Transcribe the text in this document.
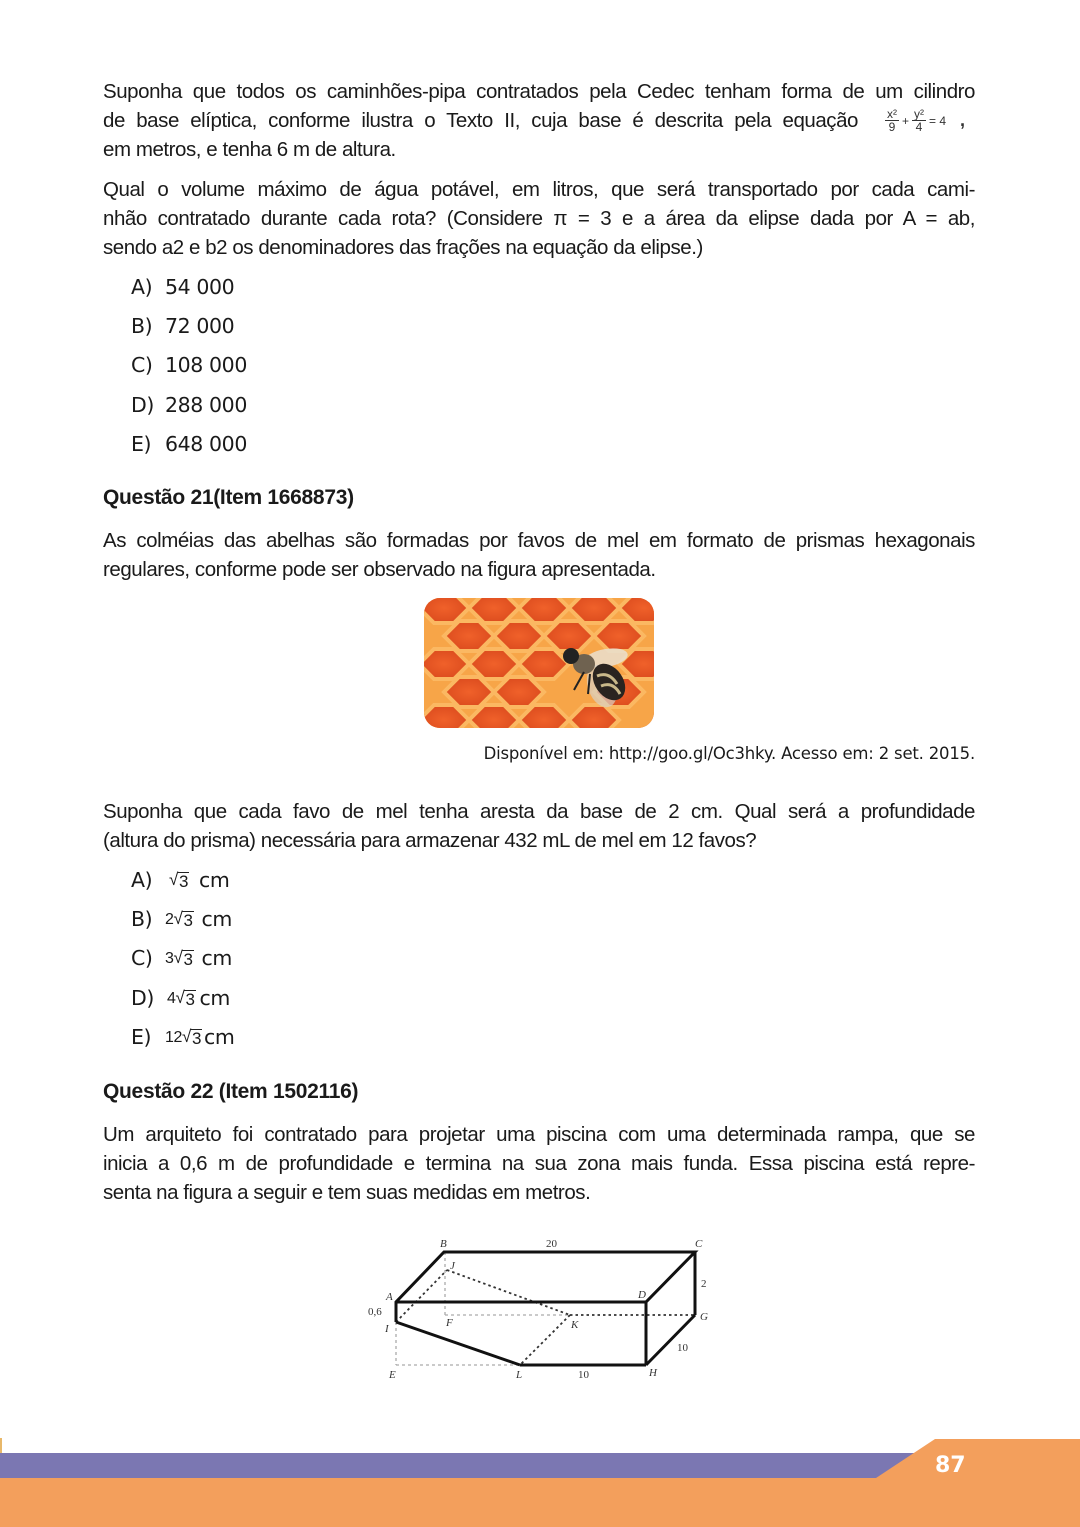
Suponha que todos os caminhões-pipa contratados pela Cedec tenham forma de um cilindro
de base elíptica, conforme ilustra o Texto II, cuja base é descrita pela equação
em metros, e tenha 6 m de altura.

Qual o volume máximo de água potável, em litros, que será transportado por cada cami-
nhão contratado durante cada rota? (Considere π = 3 e a área da elipse dada por A = ab,
sendo a2 e b2 os denominadores das frações na equação da elipse.)

A) 54 000
B) 72 000
C) 108 000
D) 288 000
E) 648 000
Questão 21(Item 1668873)

As colméias das abelhas são formadas por favos de mel em formato de prismas hexagonais
regulares, conforme pode ser observado na figura apresentada.

Suponha que cada favo de mel tenha aresta da base de 2 cm. Qual será a profundidade
(altura do prisma) necessária para armazenar 432 mL de mel em 12 favos?

A) √ 3 cm
B) 2 √ 3 cm
C) 3 √ 3 cm
D) 4 √ 3 cm
E) 12 √ 3 cm
Questão 22 (Item 1502116)

Um arquiteto foi contratado para projetar uma piscina com uma determinada rampa, que se
inicia a 0,6 m de profundidade e termina na sua zona mais funda. Essa piscina está repre-
senta na figura a seguir e tem suas medidas em metros.

$\frac{\text{x²}}{9} + \frac{\text{y²}}{4} = 4$ ,
Disponível em: http://goo.gl/Oc3hky. Acesso em: 2 set. 2015.
B	C
D
A
J
F	K
G
I
E	L	H
20
2
10
10
0,6
87
